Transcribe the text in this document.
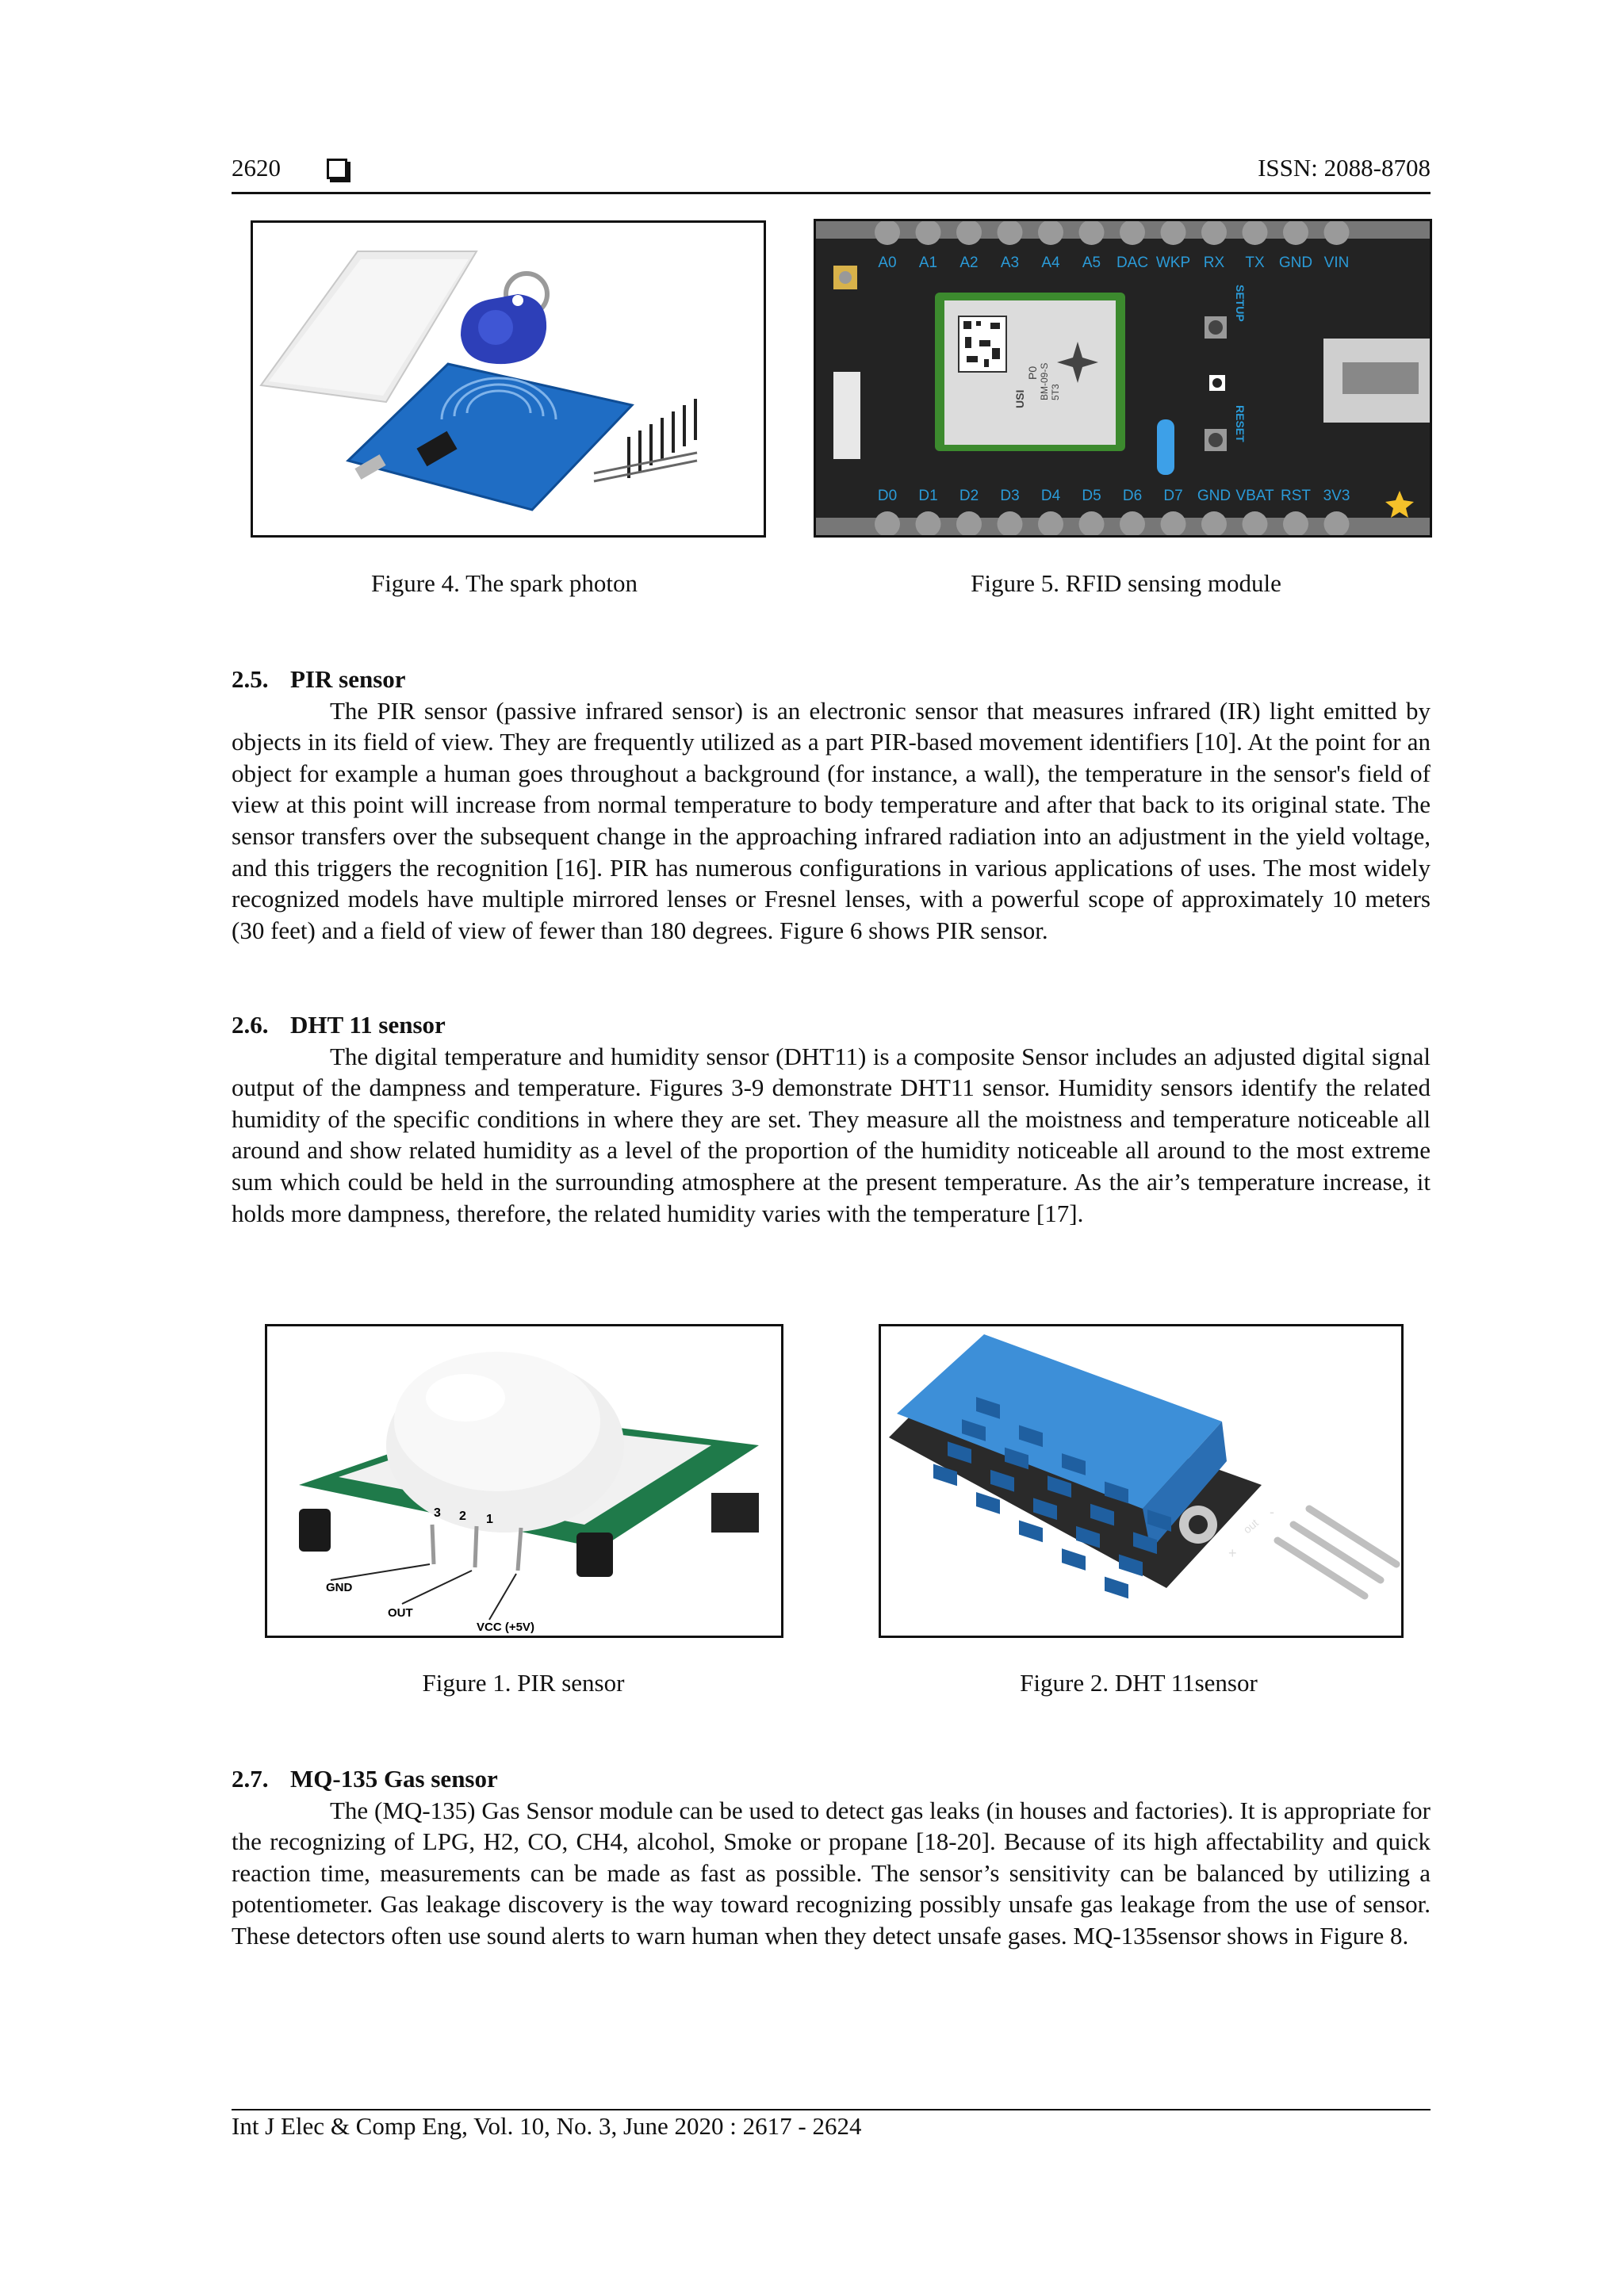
2620	ISSN: 2088-8708
USI
P0 BM-09-S 5T3
A0 A1 A2 A3 A4 A5 DAC WKP RX TX GND VIN
D0 D1 D2 D3 D4 D5 D6 D7 GND VBAT RST 3V3
SETUP
RESET
Figure 4. The spark photon	Figure 5. RFID sensing module
2.5. PIR sensor

The PIR sensor (passive infrared sensor) is an electronic sensor that measures infrared (IR) light emitted by objects in its field of view. They are frequently utilized as a part PIR-based movement identifiers [10]. At the point for an object for example a human goes throughout a background (for instance, a wall), the temperature in the sensor's field of view at this point will increase from normal temperature to body temperature and after that back to its original state. The sensor transfers over the subsequent change in the approaching infrared radiation into an adjustment in the yield voltage, and this triggers the recognition [16]. PIR has numerous configurations in various applications of uses. The most widely recognized models have multiple mirrored lenses or Fresnel lenses, with a powerful scope of approximately 10 meters (30 feet) and a field of view of fewer than 180 degrees. Figure 6 shows PIR sensor.

2.6. DHT 11 sensor

The digital temperature and humidity sensor (DHT11) is a composite Sensor includes an adjusted digital signal output of the dampness and temperature. Figures 3-9 demonstrate DHT11 sensor. Humidity sensors identify the related humidity of the specific conditions in where they are set. They measure all the moistness and temperature noticeable all around and show related humidity as a level of the proportion of the humidity noticeable all around to the most extreme sum which could be held in the surrounding atmosphere at the present temperature. As the air’s temperature increase, it holds more dampness, therefore, the related humidity varies with the temperature [17].

3 2 1
GND
OUT
VCC (+5V)
+
out
-
Figure 1. PIR sensor	Figure 2. DHT 11sensor
2.7. MQ-135 Gas sensor

The (MQ-135) Gas Sensor module can be used to detect gas leaks (in houses and factories). It is appropriate for the recognizing of LPG, H2, CO, CH4, alcohol, Smoke or propane [18-20]. Because of its high affectability and quick reaction time, measurements can be made as fast as possible. The sensor’s sensitivity can be balanced by utilizing a potentiometer. Gas leakage discovery is the way toward recognizing possibly unsafe gas leakage from the use of sensor. These detectors often use sound alerts to warn human when they detect unsafe gases. MQ-135sensor shows in Figure 8.

Int J Elec & Comp Eng, Vol. 10, No. 3, June 2020 : 2617 - 2624
